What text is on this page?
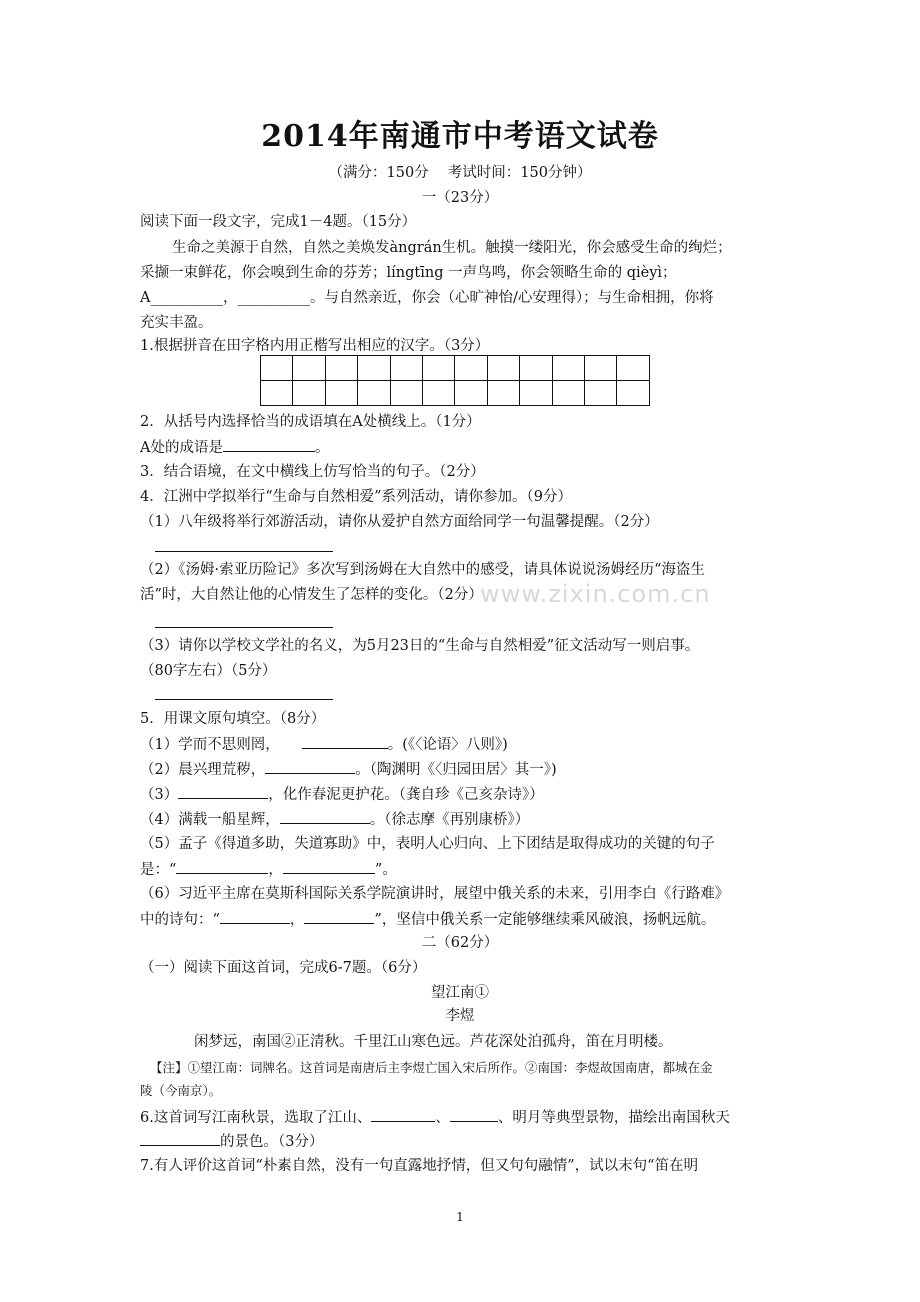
2014年南通市中考语文试卷
（满分：150分　 考试时间：150分钟）
一（23分）
阅读下面一段文字，完成1－4题。（15分）
生命之美源于自然，自然之美焕发àngrán生机。触摸一缕阳光，你会感受生命的绚烂；
采撷一束鲜花，你会嗅到生命的芬芳；língtīng 一声鸟鸣，你会领略生命的 qièyì；
A__________，__________。与自然亲近，你会（心旷神怡/心安理得）；与生命相拥，你将
充实丰盈。
1.根据拼音在田字格内用正楷写出相应的汉字。（3分）

2．从括号内选择恰当的成语填在A处横线上。（1分）
A处的成语是	。
3．结合语境，在文中横线上仿写恰当的句子。（2分）
4．江洲中学拟举行“生命与自然相爱”系列活动，请你参加。（9分）
（1）八年级将举行郊游活动，请你从爱护自然方面给同学一句温馨提醒。（2分）
（2）《汤姆·索亚历险记》多次写到汤姆在大自然中的感受，请具体说说汤姆经历“海盗生
活”时，大自然让他的心情发生了怎样的变化。（2分）
www.zixin.com.cn
（3）请你以学校文学社的名义，为5月23日的“生命与自然相爱”征文活动写一则启事。
（80字左右）（5分）
5．用课文原句填空。（8分）
（1）学而不思则罔，	。(《〈论语〉八则》)
（2）晨兴理荒秽，	。（陶渊明《〈归园田居〉其一》)
（3）	，化作春泥更护花。（龚自珍《己亥杂诗》）
（4）满载一船星辉，	。（徐志摩《再别康桥》）
（5）孟子《得道多助，失道寡助》中，表明人心归向、上下团结是取得成功的关键的句子
是：“	，	”。
（6）习近平主席在莫斯科国际关系学院演讲时，展望中俄关系的未来，引用李白《行路难》
中的诗句：“	，	”，坚信中俄关系一定能够继续乘风破浪，扬帆远航。
二（62分）
（一）阅读下面这首词，完成6-7题。（6分）
望江南①
李煜
闲梦远，南国②正清秋。千里江山寒色远。芦花深处泊孤舟，笛在月明楼。
【注】①望江南：词牌名。这首词是南唐后主李煜亡国入宋后所作。②南国：李煜故国南唐，都城在金
陵（今南京）。
6.这首词写江南秋景，选取了江山、	、	、明月等典型景物，描绘出南国秋天
的景色。（3分）
7.有人评价这首词“朴素自然，没有一句直露地抒情，但又句句融情”，试以末句“笛在明
1
